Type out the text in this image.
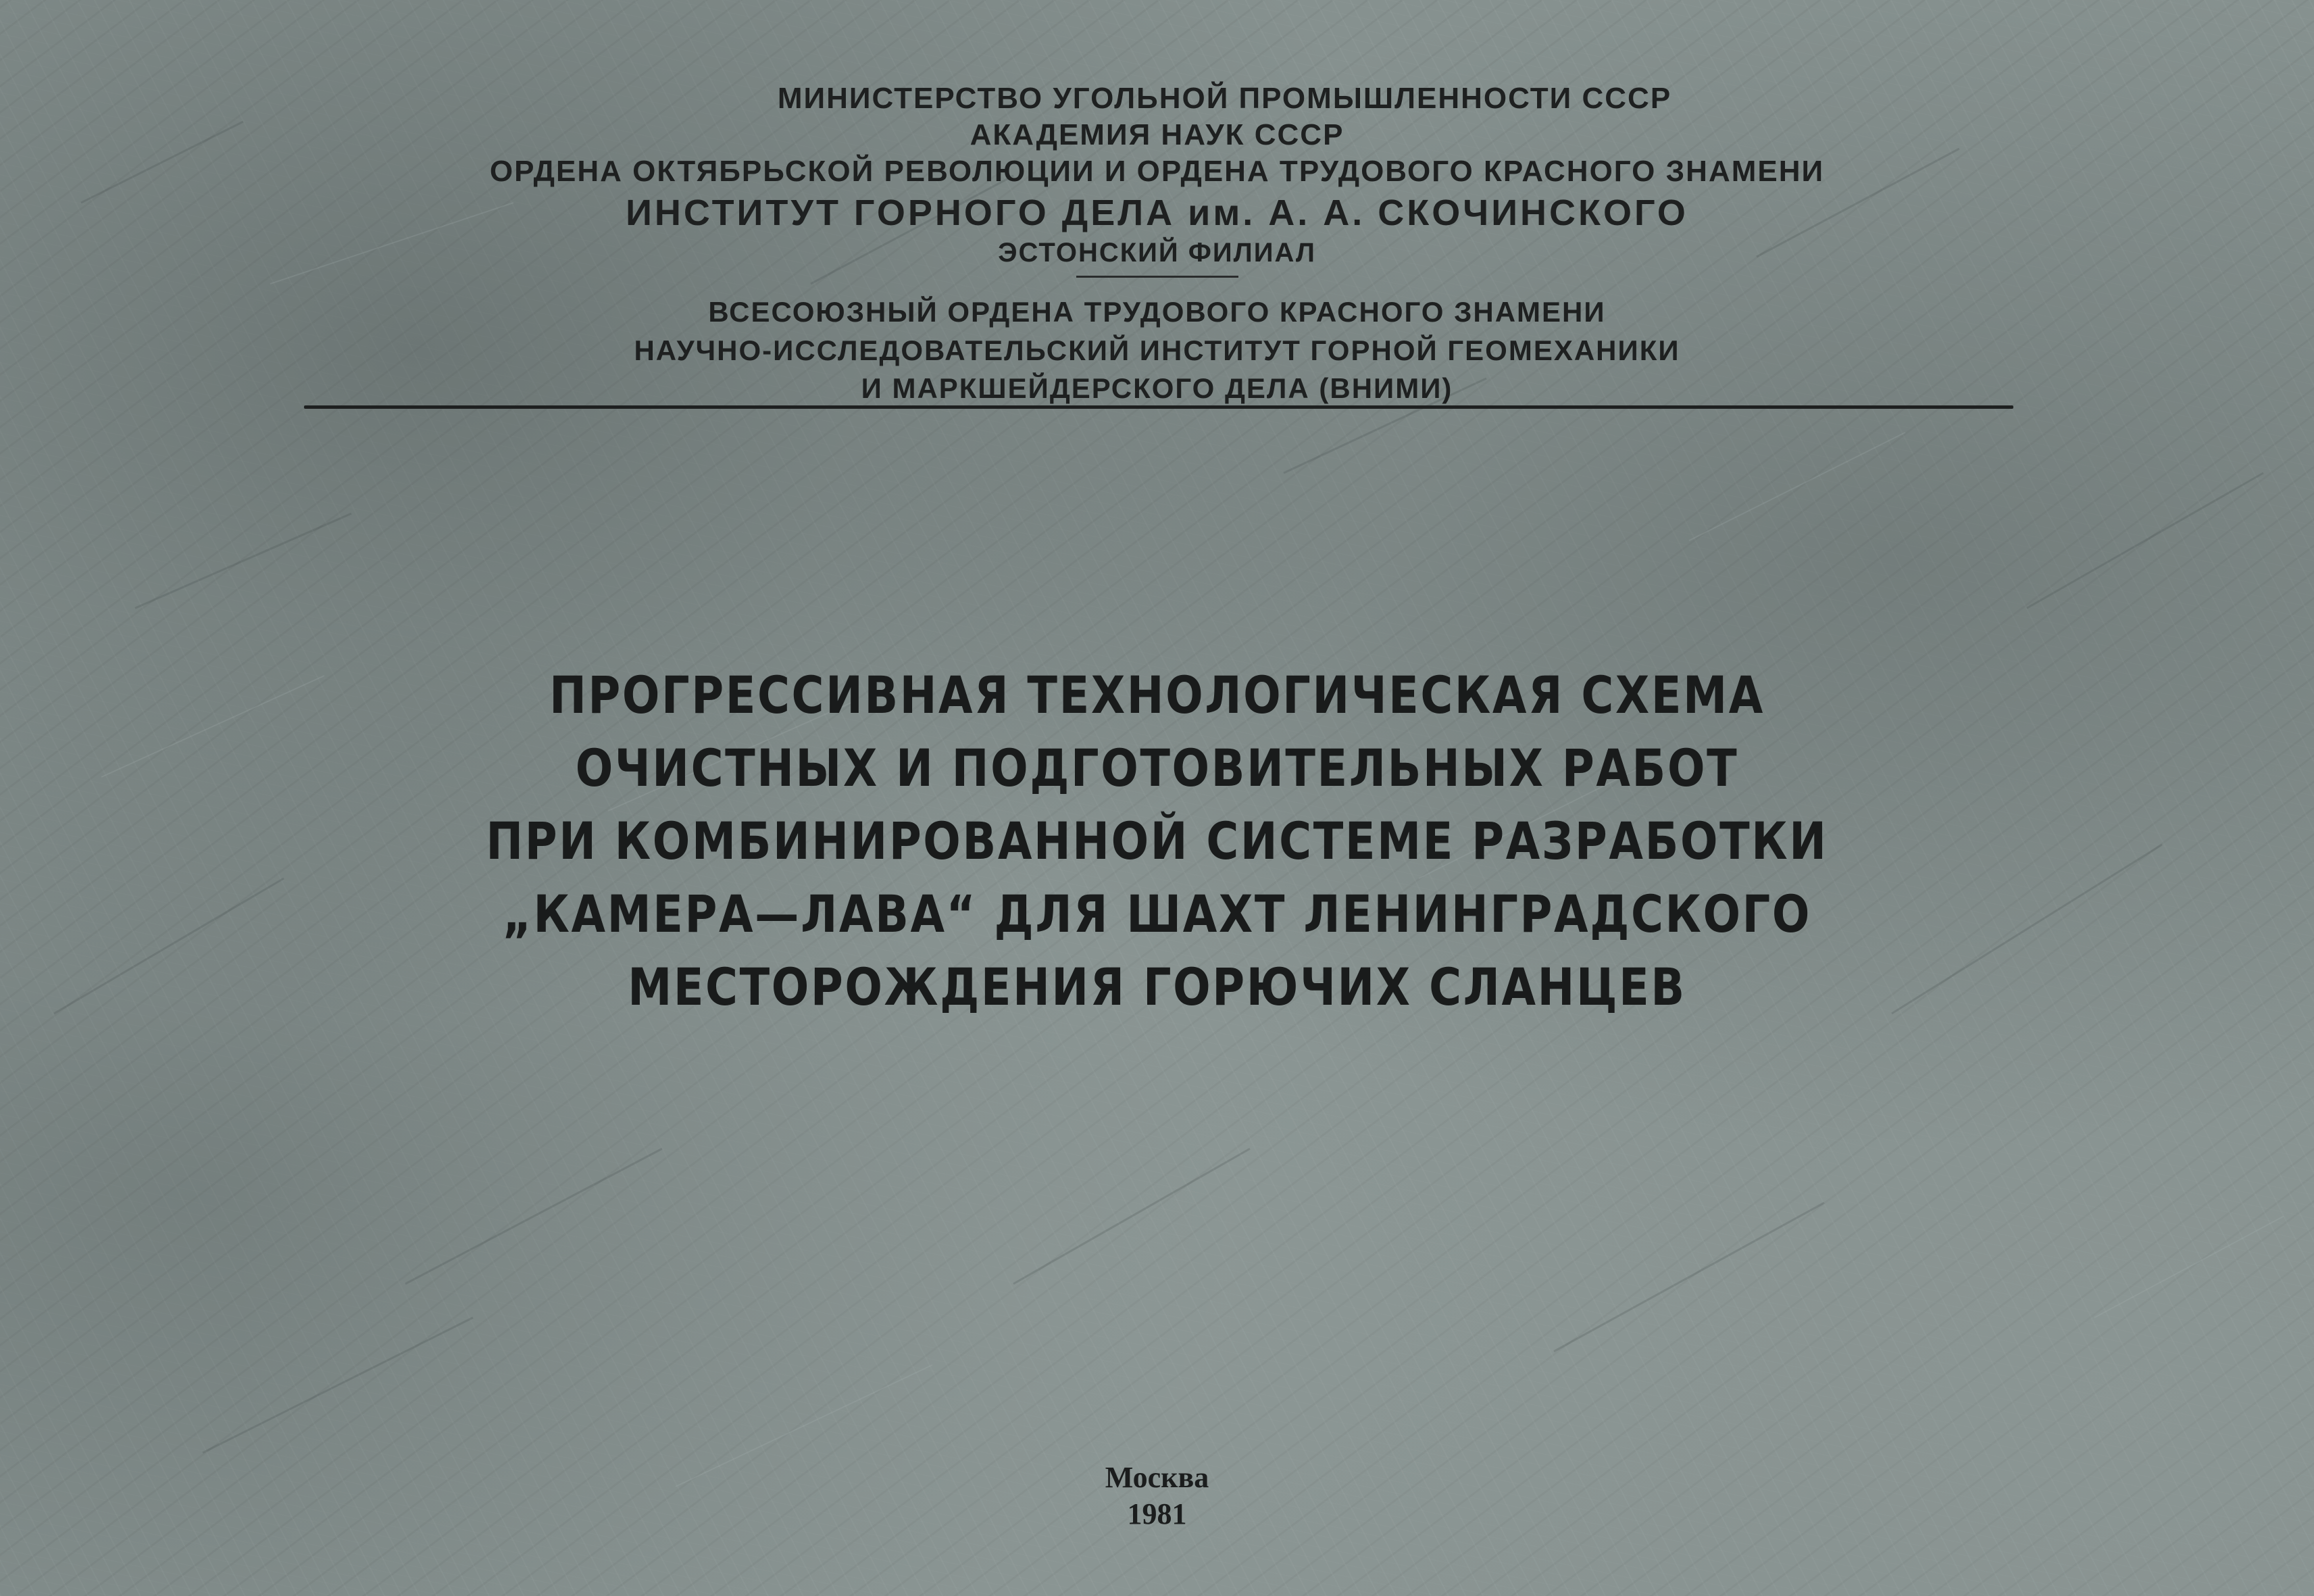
МИНИСТЕРСТВО УГОЛЬНОЙ ПРОМЫШЛЕННОСТИ СССР
АКАДЕМИЯ НАУК СССР
ОРДЕНА ОКТЯБРЬСКОЙ РЕВОЛЮЦИИ И ОРДЕНА ТРУДОВОГО КРАСНОГО ЗНАМЕНИ
ИНСТИТУТ ГОРНОГО ДЕЛА им. А. А. СКОЧИНСКОГО
ЭСТОНСКИЙ ФИЛИАЛ
ВСЕСОЮЗНЫЙ ОРДЕНА ТРУДОВОГО КРАСНОГО ЗНАМЕНИ
НАУЧНО-ИССЛЕДОВАТЕЛЬСКИЙ ИНСТИТУТ ГОРНОЙ ГЕОМЕХАНИКИ
И МАРКШЕЙДЕРСКОГО ДЕЛА (ВНИМИ)
ПРОГРЕССИВНАЯ ТЕХНОЛОГИЧЕСКАЯ СХЕМА
ОЧИСТНЫХ И ПОДГОТОВИТЕЛЬНЫХ РАБОТ
ПРИ КОМБИНИРОВАННОЙ СИСТЕМЕ РАЗРАБОТКИ
„КАМЕРА—ЛАВА“ ДЛЯ ШАХТ ЛЕНИНГРАДСКОГО
МЕСТОРОЖДЕНИЯ ГОРЮЧИХ СЛАНЦЕВ
Москва
1981
